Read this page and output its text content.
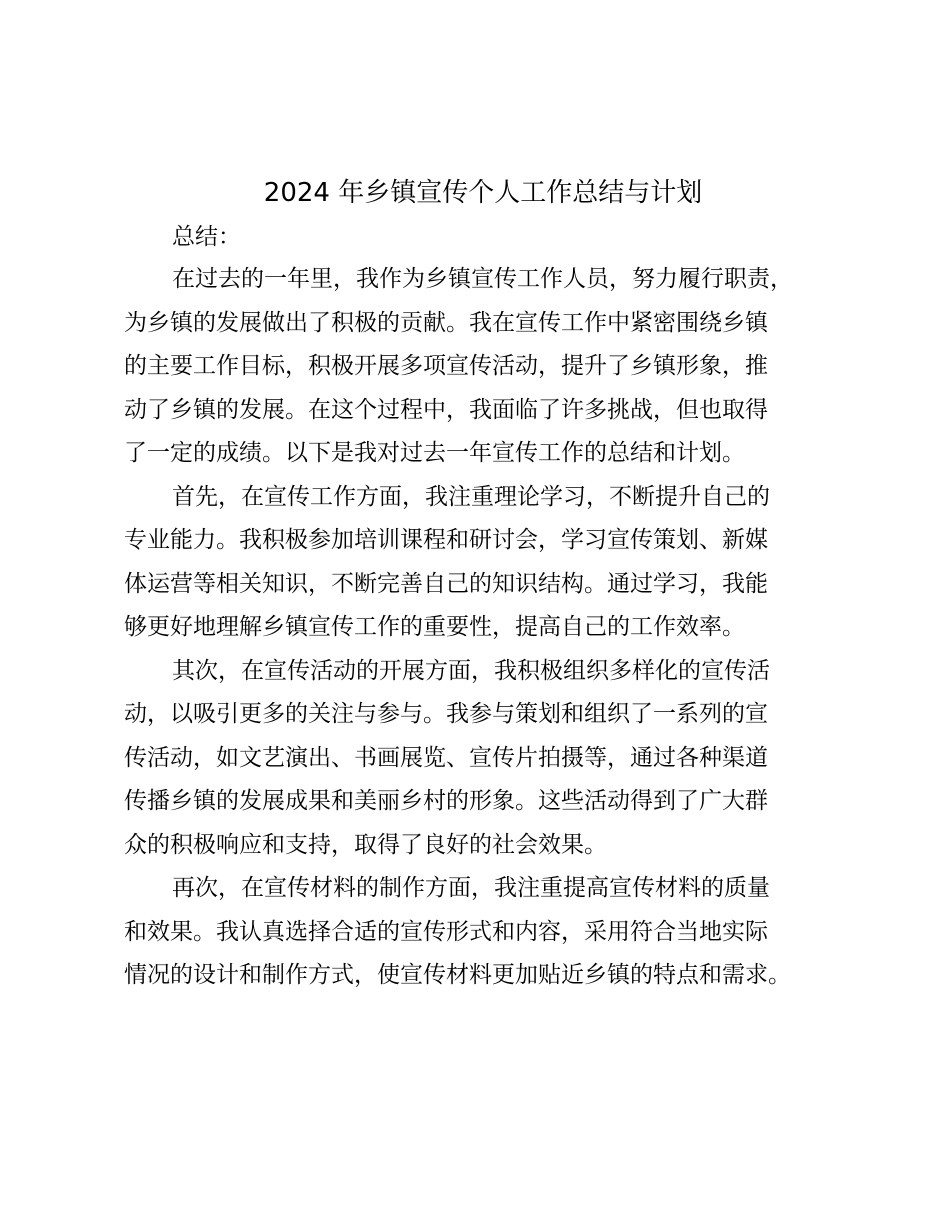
2024 年乡镇宣传个人工作总结与计划

总结：

在过去的一年里，我作为乡镇宣传工作人员，努力履行职责，
为乡镇的发展做出了积极的贡献。我在宣传工作中紧密围绕乡镇
的主要工作目标，积极开展多项宣传活动，提升了乡镇形象，推
动了乡镇的发展。在这个过程中，我面临了许多挑战，但也取得
了一定的成绩。以下是我对过去一年宣传工作的总结和计划。
首先，在宣传工作方面，我注重理论学习，不断提升自己的
专业能力。我积极参加培训课程和研讨会，学习宣传策划、新媒
体运营等相关知识，不断完善自己的知识结构。通过学习，我能
够更好地理解乡镇宣传工作的重要性，提高自己的工作效率。
其次，在宣传活动的开展方面，我积极组织多样化的宣传活
动，以吸引更多的关注与参与。我参与策划和组织了一系列的宣
传活动，如文艺演出、书画展览、宣传片拍摄等，通过各种渠道
传播乡镇的发展成果和美丽乡村的形象。这些活动得到了广大群
众的积极响应和支持，取得了良好的社会效果。
再次，在宣传材料的制作方面，我注重提高宣传材料的质量
和效果。我认真选择合适的宣传形式和内容，采用符合当地实际
情况的设计和制作方式，使宣传材料更加贴近乡镇的特点和需求。
